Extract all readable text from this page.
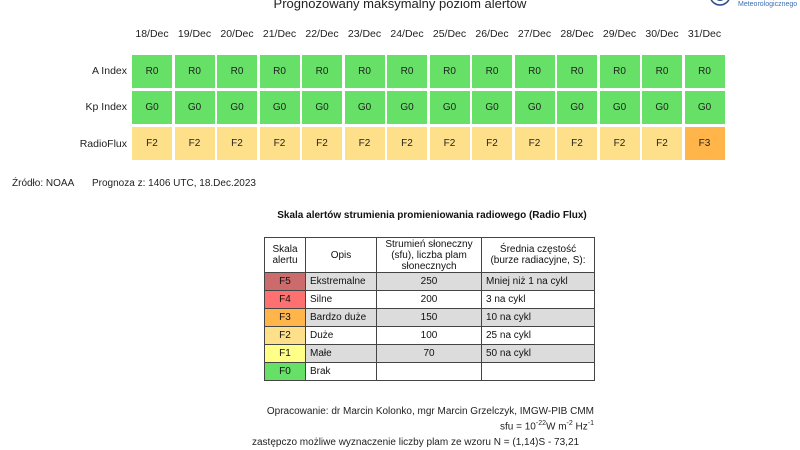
Prognozowany maksymalny poziom alertów	Meteorologicznego
18/Dec 19/Dec 20/Dec 21/Dec 22/Dec 23/Dec 24/Dec 25/Dec 26/Dec 27/Dec 28/Dec 29/Dec 30/Dec 31/Dec
A Index	R0	R0	R0	R0	R0	R0	R0	R0	R0	R0	R0	R0	R0	R0
Kp Index	G0	G0	G0	G0	G0	G0	G0	G0	G0	G0	G0	G0	G0	G0
RadioFlux	F2	F2	F2	F2	F2	F2	F2	F2	F2	F2	F2	F2	F2	F3
Źródło: NOAA Prognoza z: 1406 UTC, 18.Dec.2023
Skala alertów strumienia promieniowania radiowego (Radio Flux)
Skala alertu	Opis	Strumień słoneczny (sfu), liczba plam słonecznych	Średnia częstość (burze radiacyjne, S):
F5	Ekstremalne	250	Mniej niż 1 na cykl
F4	Silne	200	3 na cykl
F3	Bardzo duże	150	10 na cykl
F2	Duże	100	25 na cykl
F1	Małe	70	50 na cykl
F0	Brak		
Opracowanie: dr Marcin Kolonko, mgr Marcin Grzelczyk, IMGW-PIB CMM
sfu = $10^{-22}W$ $m^{-2}$ $Hz^{-1}$
zastępczo możliwe wyznaczenie liczby plam ze wzoru N = (1,14)S - 73,21
